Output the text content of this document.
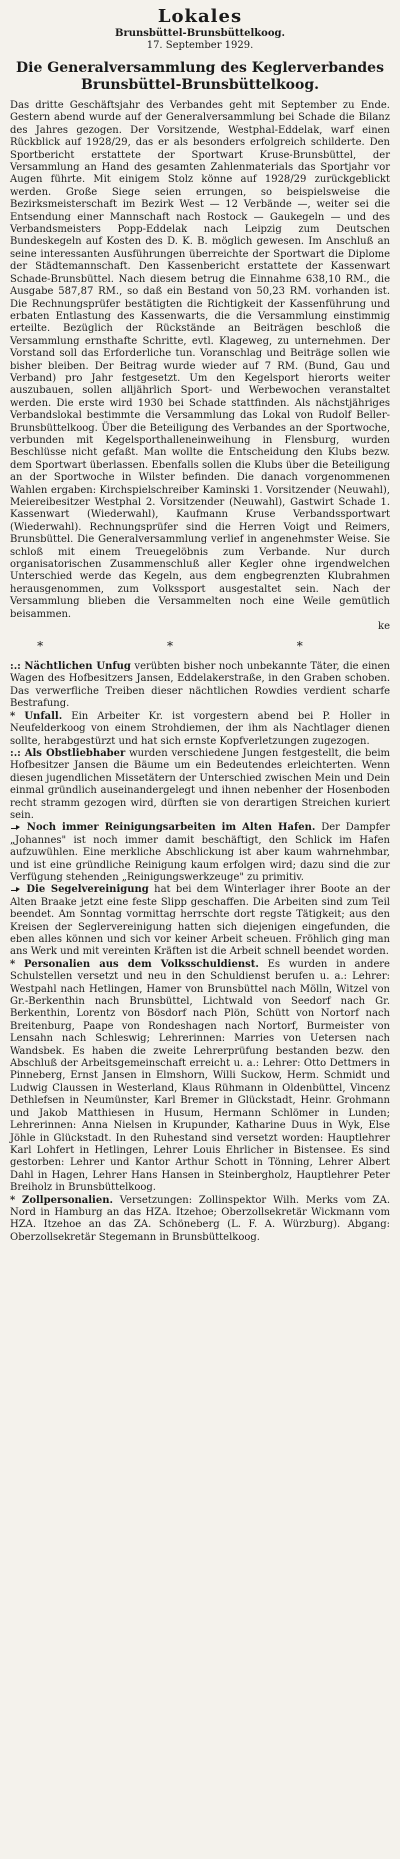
Lokales
Brunsbüttel-Brunsbüttelkoog.
17. September 1929.
Die Generalversammlung des Keglerverbandes Brunsbüttel-Brunsbüttelkoog.

Das dritte Geschäftsjahr des Verbandes geht mit September zu Ende. Gestern abend wurde auf der Generalversammlung bei Schade die Bilanz des Jahres gezogen. Der Vorsitzende, Westphal-Eddelak, warf einen Rückblick auf 1928/29, das er als besonders erfolgreich schilderte. Den Sportbericht erstattete der Sportwart Kruse-Brunsbüttel, der Versammlung an Hand des gesamten Zahlenmaterials das Sportjahr vor Augen führte. Mit einigem Stolz könne auf 1928/29 zurückgeblickt werden. Große Siege seien errungen, so beispielsweise die Bezirksmeisterschaft im Bezirk West — 12 Verbände —, weiter sei die Entsendung einer Mannschaft nach Rostock — Gaukegeln — und des Verbandsmeisters Popp-Eddelak nach Leipzig zum Deutschen Bundeskegeln auf Kosten des D. K. B. möglich gewesen. Im Anschluß an seine interessanten Ausführungen überreichte der Sportwart die Diplome der Städtemannschaft. Den Kassenbericht erstattete der Kassenwart Schade-Brunsbüttel. Nach diesem betrug die Einnahme 638,10 RM., die Ausgabe 587,87 RM., so daß ein Bestand von 50,23 RM. vorhanden ist. Die Rechnungsprüfer bestätigten die Richtigkeit der Kassenführung und erbaten Entlastung des Kassenwarts, die die Versammlung einstimmig erteilte. Bezüglich der Rückstände an Beiträgen beschloß die Versammlung ernsthafte Schritte, evtl. Klageweg, zu unternehmen. Der Vorstand soll das Erforderliche tun. Voranschlag und Beiträge sollen wie bisher bleiben. Der Beitrag wurde wieder auf 7 RM. (Bund, Gau und Verband) pro Jahr festgesetzt. Um den Kegelsport hierorts weiter auszubauen, sollen alljährlich Sport- und Werbewochen veranstaltet werden. Die erste wird 1930 bei Schade stattfinden. Als nächstjähriges Verbandslokal bestimmte die Versammlung das Lokal von Rudolf Beller-Brunsbüttelkoog. Über die Beteiligung des Verbandes an der Sportwoche, verbunden mit Kegelsporthalleneinweihung in Flensburg, wurden Beschlüsse nicht gefaßt. Man wollte die Entscheidung den Klubs bezw. dem Sportwart überlassen. Ebenfalls sollen die Klubs über die Beteiligung an der Sportwoche in Wilster befinden. Die danach vorgenommenen Wahlen ergaben: Kirchspielschreiber Kaminski 1. Vorsitzender (Neuwahl), Meiereibesitzer Westphal 2. Vorsitzender (Neuwahl), Gastwirt Schade 1. Kassenwart (Wiederwahl), Kaufmann Kruse Verbandssportwart (Wiederwahl). Rechnungsprüfer sind die Herren Voigt und Reimers, Brunsbüttel. Die Generalversammlung verlief in angenehmster Weise. Sie schloß mit einem Treuegelöbnis zum Verbande. Nur durch organisatorischen Zusammenschluß aller Kegler ohne irgendwelchen Unterschied werde das Kegeln, aus dem engbegrenzten Klubrahmen herausgenommen, zum Volkssport ausgestaltet sein. Nach der Versammlung blieben die Versammelten noch eine Weile gemütlich beisammen.

ke
* * *

:.: Nächtlichen Unfug verübten bisher noch unbekannte Täter, die einen Wagen des Hofbesitzers Jansen, Eddelakerstraße, in den Graben schoben. Das verwerfliche Treiben dieser nächtlichen Rowdies verdient scharfe Bestrafung.

* Unfall. Ein Arbeiter Kr. ist vorgestern abend bei P. Holler in Neufelderkoog von einem Strohdiemen, der ihm als Nachtlager dienen sollte, herabgestürzt und hat sich ernste Kopfverletzungen zugezogen.

:.: Als Obstliebhaber wurden verschiedene Jungen festgestellt, die beim Hofbesitzer Jansen die Bäume um ein Bedeutendes erleichterten. Wenn diesen jugendlichen Missetätern der Unterschied zwischen Mein und Dein einmal gründlich auseinandergelegt und ihnen nebenher der Hosenboden recht stramm gezogen wird, dürften sie von derartigen Streichen kuriert sein.

Noch immer Reinigungsarbeiten im Alten Hafen. Der Dampfer „Johannes" ist noch immer damit beschäftigt, den Schlick im Hafen aufzuwühlen. Eine merkliche Abschlickung ist aber kaum wahrnehmbar, und ist eine gründliche Reinigung kaum erfolgen wird; dazu sind die zur Verfügung stehenden „Reinigungswerkzeuge" zu primitiv.

Die Segelvereinigung hat bei dem Winterlager ihrer Boote an der Alten Braake jetzt eine feste Slipp geschaffen. Die Arbeiten sind zum Teil beendet. Am Sonntag vormittag herrschte dort regste Tätigkeit; aus den Kreisen der Seglervereinigung hatten sich diejenigen eingefunden, die eben alles können und sich vor keiner Arbeit scheuen. Fröhlich ging man ans Werk und mit vereinten Kräften ist die Arbeit schnell beendet worden.

* Personalien aus dem Volksschuldienst. Es wurden in andere Schulstellen versetzt und neu in den Schuldienst berufen u. a.: Lehrer: Westpahl nach Hetlingen, Hamer von Brunsbüttel nach Mölln, Witzel von Gr.-Berkenthin nach Brunsbüttel, Lichtwald von Seedorf nach Gr. Berkenthin, Lorentz von Bösdorf nach Plön, Schütt von Nortorf nach Breitenburg, Paape von Rondeshagen nach Nortorf, Burmeister von Lensahn nach Schleswig; Lehrerinnen: Marries von Uetersen nach Wandsbek. Es haben die zweite Lehrerprüfung bestanden bezw. den Abschluß der Arbeitsgemeinschaft erreicht u. a.: Lehrer: Otto Dettmers in Pinneberg, Ernst Jansen in Elmshorn, Willi Suckow, Herm. Schmidt und Ludwig Claussen in Westerland, Klaus Rühmann in Oldenbüttel, Vincenz Dethlefsen in Neumünster, Karl Bremer in Glückstadt, Heinr. Grohmann und Jakob Matthiesen in Husum, Hermann Schlömer in Lunden; Lehrerinnen: Anna Nielsen in Krupunder, Katharine Duus in Wyk, Else Jöhle in Glückstadt. In den Ruhestand sind versetzt worden: Hauptlehrer Karl Lohfert in Hetlingen, Lehrer Louis Ehrlicher in Bistensee. Es sind gestorben: Lehrer und Kantor Arthur Schott in Tönning, Lehrer Albert Dahl in Hagen, Lehrer Hans Hansen in Steinbergholz, Hauptlehrer Peter Breiholz in Brunsbüttelkoog.

* Zollpersonalien. Versetzungen: Zollinspektor Wilh. Merks vom ZA. Nord in Hamburg an das HZA. Itzehoe; Oberzollsekretär Wickmann vom HZA. Itzehoe an das ZA. Schöneberg (L. F. A. Würzburg). Abgang: Oberzollsekretär Stegemann in Brunsbüttelkoog.
